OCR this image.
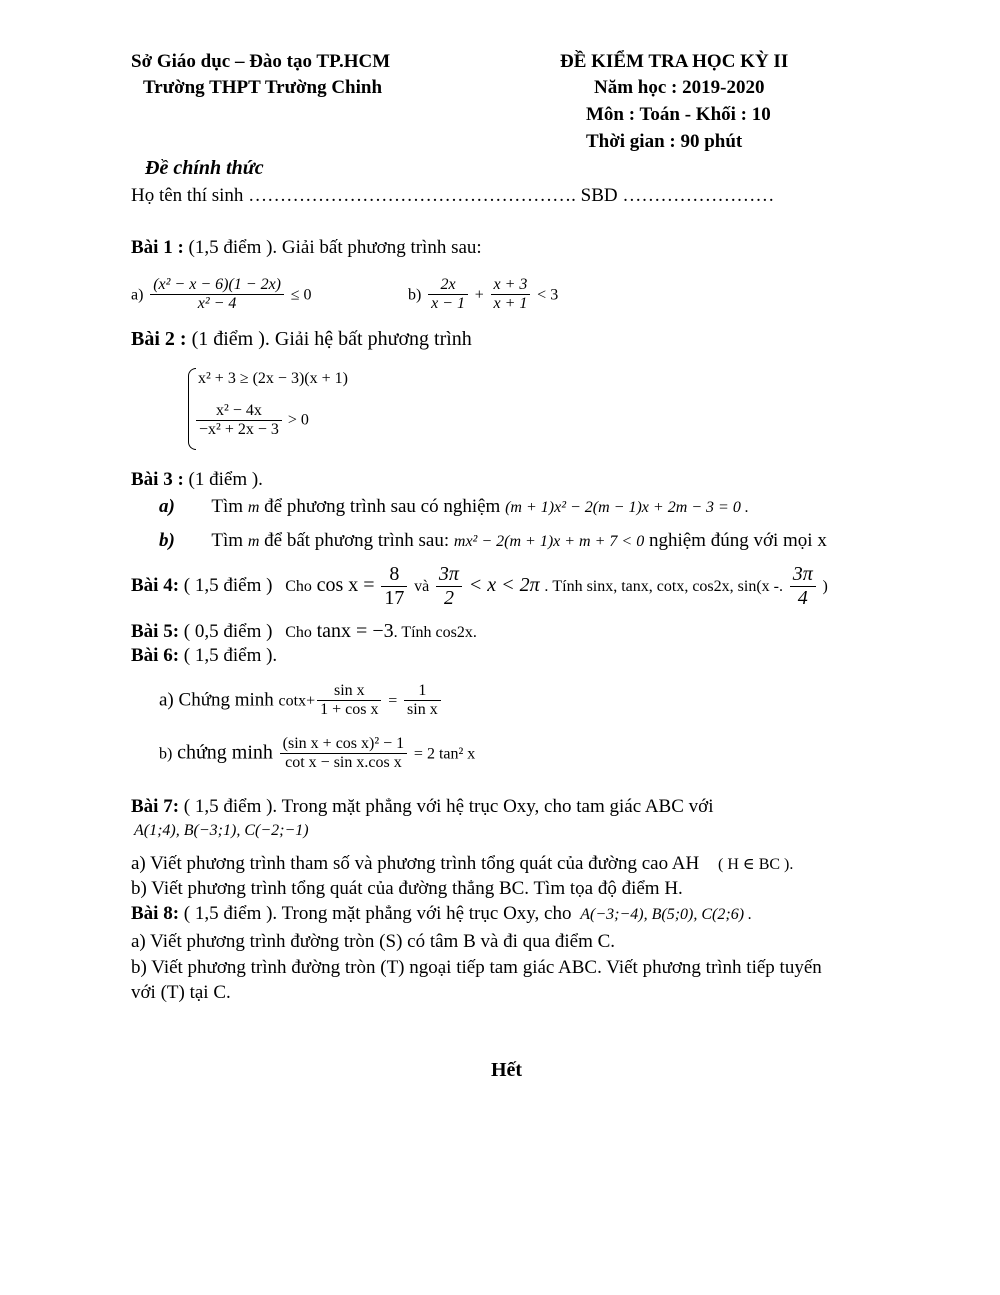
Sở Giáo dục – Đào tạo TP.HCM
Trường THPT Trường Chinh
ĐỀ KIỂM TRA HỌC KỲ II
Năm học : 2019-2020
Môn : Toán - Khối : 10
Thời gian : 90 phút
Đề chính thức
Họ tên thí sinh ……………………………………………. SBD ……………………
Bài 1 : (1,5 điểm ). Giải bất phương trình sau:
$a) \frac{\text{(x² − x − 6)(1 − 2x)}}{\text{x² − 4}} \le 0$	$b) \frac{2x}{x - 1} + \frac{x + 3}{x + 1} < 3$
Bài 2 : (1 điểm ). Giải hệ bất phương trình
x² + 3 ≥ (2x − 3)(x + 1)
$\frac{\text{x² − 4x}}{\text{−x² + 2x − 3}} > 0$
Bài 3 : (1 điểm ).
a) Tìm m để phương trình sau có nghiệm (m + 1)x² − 2(m − 1)x + 2m − 3 = 0 .
b) Tìm m để bất phương trình sau: mx² − 2(m + 1)x + m + 7 < 0 nghiệm đúng với mọi x
Bài 4: ( 1,5 điểm ) Cho $\cos x = \frac{8}{17}$ và $\frac{3\pi}{2} < x < 2\pi$ . Tính sinx, tanx, cotx, cos2x, sin(x -. $\frac{3\pi}{4}$ )
Bài 5: ( 0,5 điểm ) Cho tanx = −3. Tính cos2x.
Bài 6: ( 1,5 điểm ).
a) Chứng minh $\cot x+ \frac{\text{sin x}}{\text{1 + cos x}} = \frac{1}{\text{sin x}}$
b) chứng minh $\frac{\text{(sin x + cos x)² − 1}}{\text{cot x − sin x.cos x}} = 2$ tan² x
Bài 7: ( 1,5 điểm ). Trong mặt phẳng với hệ trục Oxy, cho tam giác ABC với
A(1;4), B(−3;1), C(−2;−1)
a) Viết phương trình tham số và phương trình tổng quát của đường cao AH ( H ∈ BC ).
b) Viết phương trình tổng quát của đường thẳng BC. Tìm tọa độ điểm H.
Bài 8: ( 1,5 điểm ). Trong mặt phẳng với hệ trục Oxy, cho A(−3;−4), B(5;0), C(2;6) .
a) Viết phương trình đường tròn (S) có tâm B và đi qua điểm C.
b) Viết phương trình đường tròn (T) ngoại tiếp tam giác ABC. Viết phương trình tiếp tuyến
với (T) tại C.
Hết
